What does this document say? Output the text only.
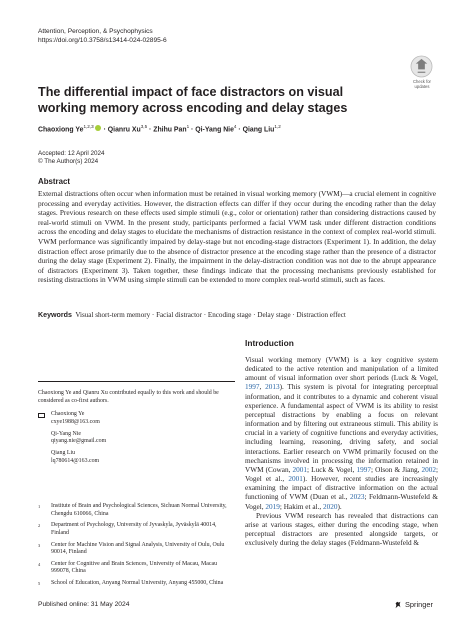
Attention, Perception, & Psychophysics
https://doi.org/10.3758/s13414-024-02895-6
Check for
updates
The differential impact of face distractors on visual working memory across encoding and delay stages
Chaoxiong Ye$^{1,2,3}$ · Qianru Xu$^{3,5}$ · Zhihu Pan$^1$ · Qi-Yang Nie$^4$ · Qiang Liu$^{1,2}$
Accepted: 12 April 2024
© The Author(s) 2024
Abstract
External distractions often occur when information must be retained in visual working memory (VWM)—a crucial element in cognitive processing and everyday activities. However, the distraction effects can differ if they occur during the encoding rather than the delay stages. Previous research on these effects used simple stimuli (e.g., color or orientation) rather than considering distractions caused by real-world stimuli on VWM. In the present study, participants performed a facial VWM task under different distraction conditions across the encoding and delay stages to elucidate the mechanisms of distraction resistance in the context of complex real-world stimuli. VWM performance was significantly impaired by delay-stage but not encoding-stage distractors (Experiment 1). In addition, the delay distraction effect arose primarily due to the absence of distractor presence at the encoding stage rather than the presence of a distractor during the delay stage (Experiment 2). Finally, the impairment in the delay-distraction condition was not due to the abrupt appearance of distractors (Experiment 3). Taken together, these findings indicate that the processing mechanisms previously established for resisting distractions in VWM using simple stimuli can be extended to more complex real-world stimuli, such as faces.
Keywords Visual short-term memory · Facial distractor · Encoding stage · Delay stage · Distraction effect
Chaoxiong Ye and Qianru Xu contributed equally to this work and should be considered as co-first authors.
Chaoxiong Ye
cxye1988@163.com
Qi-Yang Nie
qiyang.nie@gmail.com
Qiang Liu
lq780614@163.com
1	Institute of Brain and Psychological Sciences, Sichuan Normal University, Chengdu 610066, China
2	Department of Psychology, University of Jyvaskyla, Jyväskylä 40014, Finland
3	Center for Machine Vision and Signal Analysis, University of Oulu, Oulu 90014, Finland
4	Center for Cognitive and Brain Sciences, University of Macau, Macau 999078, China
5	School of Education, Anyang Normal University, Anyang 455000, China
Introduction

Visual working memory (VWM) is a key cognitive system dedicated to the active retention and manipulation of a limited amount of visual information over short periods (Luck & Vogel, 1997, 2013). This system is pivotal for integrating perceptual information, and it contributes to a dynamic and coherent visual experience. A fundamental aspect of VWM is its ability to resist perceptual distractions by enabling a focus on relevant information and by filtering out extraneous stimuli. This ability is crucial in a variety of cognitive functions and everyday activities, including learning, reasoning, driving safety, and social interactions. Earlier research on VWM primarily focused on the mechanisms involved in processing the information retained in VWM (Cowan, 2001; Luck & Vogel, 1997; Olson & Jiang, 2002; Vogel et al., 2001). However, recent studies are increasingly examining the impact of distractive information on the actual functioning of VWM (Duan et al., 2023; Feldmann-Wustefeld & Vogel, 2019; Hakim et al., 2020).

Previous VWM research has revealed that distractions can arise at various stages, either during the encoding stage, when perceptual distractors are presented alongside targets, or exclusively during the delay stages (Feldmann-Wustefeld &

Published online: 31 May 2024	Springer
